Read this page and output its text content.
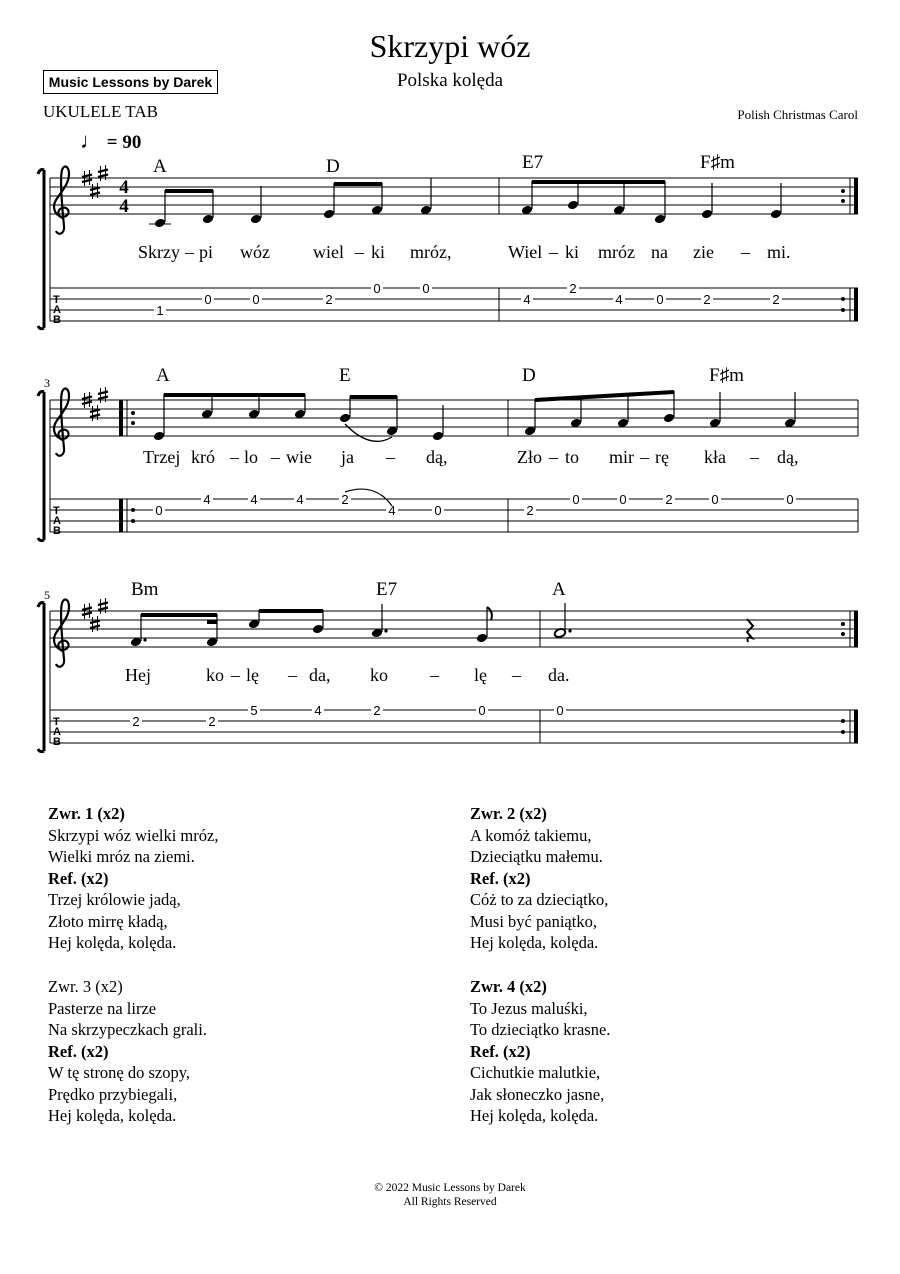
Skrzypi wóz
Polska kolęda
Music Lessons by Darek
UKULELE TAB	Polish Christmas Carol
♩ = 90
4
4
T
A
B
A	D	E7	F♯m
Skrzy – pi wóz wiel – ki mróz,	Wiel – ki mróz na zie – mi.
1
0	0	2
0	0
4
2
4	0	2	2
3
T
A
B
A	E	D	F♯m
Trzej kró – lo – wie ja – dą,	Zło – to mir – rę kła – dą,
0
4	4	4	2
4	0	2
0	0	2	0	0
5
T
A
B
Bm	E7	A
Hej	ko – lę – da, ko – lę – da.
2	2
5	4	2	0	0
Zwr. 1 (x2)
Skrzypi wóz wielki mróz,
Wielki mróz na ziemi.
Ref. (x2)
Trzej królowie jadą,
Złoto mirrę kładą,
Hej kolęda, kolęda.
Zwr. 2 (x2)
A komóż takiemu,
Dzieciątku małemu.
Ref. (x2)
Cóż to za dzieciątko,
Musi być paniątko,
Hej kolęda, kolęda.
Zwr. 3 (x2)
Pasterze na lirze
Na skrzypeczkach grali.
Ref. (x2)
W tę stronę do szopy,
Prędko przybiegali,
Hej kolęda, kolęda.
Zwr. 4 (x2)
To Jezus maluśki,
To dzieciątko krasne.
Ref. (x2)
Cichutkie malutkie,
Jak słoneczko jasne,
Hej kolęda, kolęda.
© 2022 Music Lessons by Darek
All Rights Reserved
